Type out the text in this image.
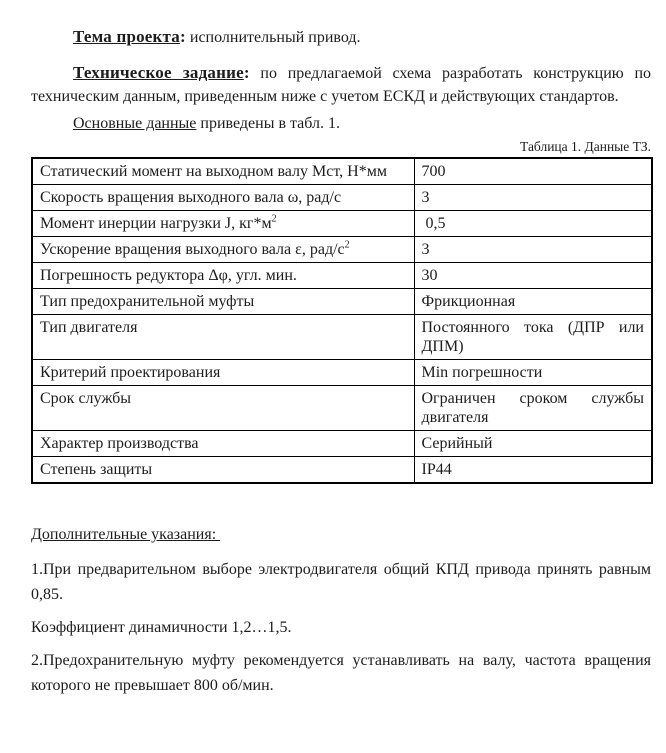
Тема проекта: исполнительный привод.

Техническое задание: по предлагаемой схема разработать конструкцию по
техническим данным, приведенным ниже с учетом ЕСКД и действующих стандартов.

Основные данные приведены в табл. 1.

Таблица 1. Данные ТЗ.
Статический момент на выходном валу Мст, Н*мм	700
Скорость вращения выходного вала ω, рад/с	3
Момент инерции нагрузки J, $кг*м^2$	0,5
Ускорение вращения выходного вала ε, рад/$с^2$	3
Погрешность редуктора Δφ, угл. мин.	30
Тип предохранительной муфты	Фрикционная
Тип двигателя	Постоянного тока (ДПР или
ДПМ)

Критерий проектирования	Min погрешности
Срок службы	Ограничен сроком службы
двигателя

Характер производства	Серийный
Степень защиты	IP44

Дополнительные указания:

1.При предварительном выборе электродвигателя общий КПД привода принять равным
0,85.

Коэффициент динамичности 1,2…1,5.

2.Предохранительную муфту рекомендуется устанавливать на валу, частота вращения
которого не превышает 800 об/мин.
